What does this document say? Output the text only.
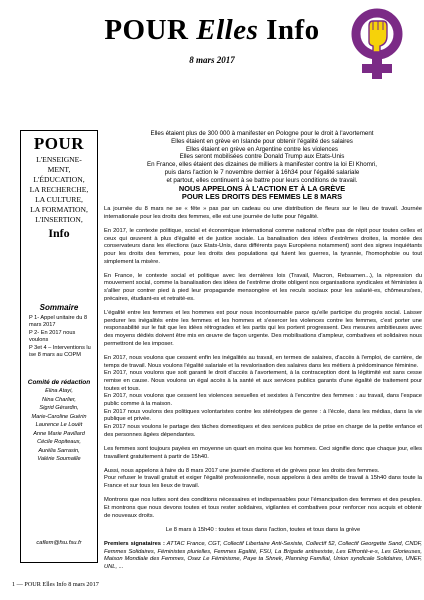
POUR Elles Info
8 mars 2017
POUR
L'ENSEIGNE-
MENT,
L'ÉDUCATION,
LA RECHERCHE,
LA CULTURE,
LA FORMATION,
L'INSERTION,
Info
Sommaire
P 1- Appel unitaire du 8 mars 2017
P 2- En 2017 nous voulons
P 3et 4 – Interventions lu ise 8 mars au COPM
Comité de rédaction
Elina Atayi,
Nina Charlier,
Sigrid Gérardin,
Marie-Caroline Guérin
Laurence Le Louët
Anne Marie Pavillard
Cécile Ropiteaux,
Aurélia Sarrasin,
Valérie Soumaille
caflem@fsu.fsu.fr

Elles étaient plus de 300 000 à manifester en Pologne pour le droit à l'avortement

Elles étaient en grève en Islande pour obtenir l'égalité des salaires

Elles étaient en grève en Argentine contre les violences

Elles seront mobilisées contre Donald Trump aux Etats-Unis

En France, elles étaient des dizaines de milliers à manifester contre la loi El Khomri,

puis dans l'action le 7 novembre dernier à 16h34 pour l'égalité salariale

et partout, elles continuent à se battre pour leurs conditions de travail.

NOUS APPELONS À L'ACTION ET À LA GRÈVE

POUR LES DROITS DES FEMMES LE 8 MARS

La journée du 8 mars ne se « fête » pas par un cadeau ou une distribution de fleurs sur le lieu de travail. Journée internationale pour les droits des femmes, elle est une journée de lutte pour l'égalité.

En 2017, le contexte politique, social et économique international comme national n'offre pas de répit pour toutes celles et ceux qui œuvrent à plus d'égalité et de justice sociale. La banalisation des idées d'extrêmes droites, la montée des conservateurs dans les élections (aux Etats-Unis, dans différents pays Européens notamment) sont des signes inquiétants pour les droits des femmes, pour les droits des populations qui fuient les guerres, la tyrannie, l'homophobie ou tout simplement la misère.

En France, le contexte social et politique avec les dernières lois (Travail, Macron, Rebsamen...), la répression du mouvement social, comme la banalisation des idées de l'extrême droite obligent nos organisations syndicales et féministes à s'allier pour contrer pied à pied leur propagande mensongère et les reculs sociaux pour les salarié-es, chômeurs/ses, précaires, étudiant-es et retraité-es.

L'égalité entre les femmes et les hommes est pour nous incontournable parce qu'elle participe du progrès social. Laisser perdurer les inégalités entre les femmes et les hommes et s'exercer les violences contre les femmes, c'est porter une responsabilité sur le fait que les idées rétrogrades et les partis qui les portent progressent. Des mesures ambitieuses avec des moyens dédiés doivent être mis en œuvre de façon urgente. Des mobilisations d'ampleur, combatives et solidaires nous permettront de les imposer.

En 2017, nous voulons que cessent enfin les inégalités au travail, en termes de salaires, d'accès à l'emploi, de carrière, de temps de travail. Nous voulons l'égalité salariale et la revalorisation des salaires dans les métiers à prédominance féminine.
En 2017, nous voulons que soit garanti le droit d'accès à l'avortement, à la contraception dont la légitimité est sans cesse remise en cause. Nous voulons un égal accès à la santé et aux services publics garants d'une égalité de traitement pour toutes et tous.
En 2017, nous voulons que cessent les violences sexuelles et sexistes à l'encontre des femmes : au travail, dans l'espace public comme à la maison.
En 2017 nous voulons des politiques volontaristes contre les stéréotypes de genre : à l'école, dans les médias, dans la vie publique et privée.
En 2017 nous voulons le partage des tâches domestiques et des services publics de prise en charge de la petite enfance et des personnes âgées dépendantes.

Les femmes sont toujours payées en moyenne un quart en moins que les hommes. Ceci signifie donc que chaque jour, elles travaillent gratuitement à partir de 15h40.

Aussi, nous appelons à faire du 8 mars 2017 une journée d'actions et de grèves pour les droits des femmes.
Pour refuser le travail gratuit et exiger l'égalité professionnelle, nous appelons à des arrêts de travail à 15h40 dans toute la France et sur tous les lieux de travail.

Montrons que nos luttes sont des conditions nécessaires et indispensables pour l'émancipation des femmes et des peuples. Et montrons que nous devons toutes et tous rester solidaires, vigilantes et combatives pour renforcer nos acquis et obtenir de nouveaux droits.

Le 8 mars à 15h40 : toutes et tous dans l'action, toutes et tous dans la grève

Premiers signataires : ATTAC France, CGT, Collectif Libertaire Anti-Sexiste, Collectif 52, Collectif Georgette Sand, CNDF, Femmes Solidaires, Féministes plurielles, Femmes Egalité, FSU, La Brigade antisexiste, Les Effronté-e-s, Les Glorieuses, Maison Mondiale des Femmes, Osez Le Féminisme, Paye ta Shnek, Planning Familial, Union syndicale Solidaires, UNEF, UNL, ...

1 — POUR Elles Info 8 mars 2017
